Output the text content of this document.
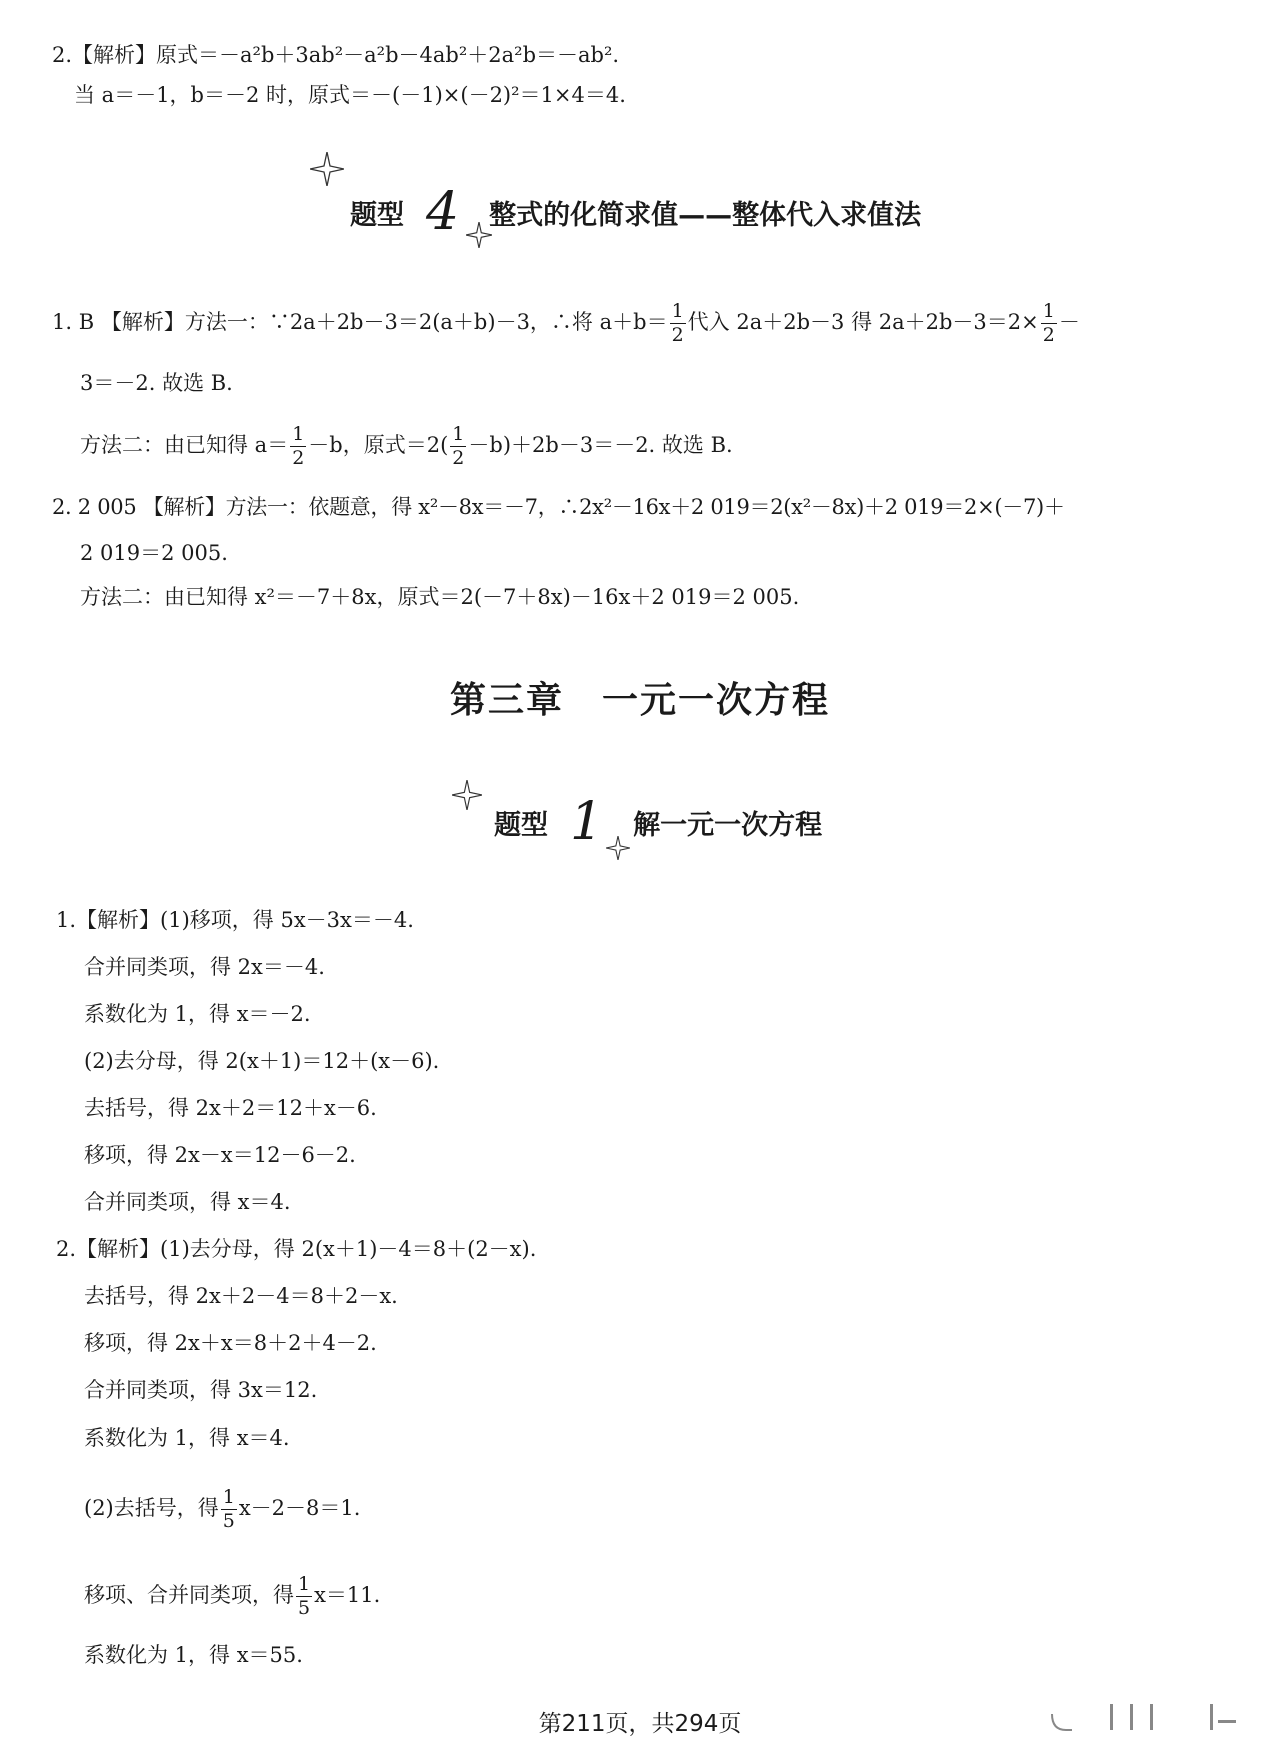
2.【解析】原式＝－a²b＋3ab²－a²b－4ab²＋2a²b＝－ab².
当 a＝－1，b＝－2 时，原式＝－(－1)×(－2)²＝1×4＝4.
题型 4 整式的化简求值——整体代入求值法
1. B 【解析】方法一：∵2a＋2b－3＝2(a＋b)－3，∴将 $a+b= \frac{1}{2}$ 代入 2a＋2b－3 得 $2a+2b-3=2\times \frac{1}{2}$ －
3＝－2. 故选 B.
方法二：由已知得 $a= \frac{1}{2} -b$，原式$=2( \frac{1}{2} -b)+2b-3=-2$. 故选 B.
2. 2 005 【解析】方法一：依题意，得 x²－8x＝－7，∴2x²－16x＋2 019＝2(x²－8x)＋2 019＝2×(－7)＋
2 019＝2 005.
方法二：由已知得 x²＝－7＋8x，原式＝2(－7＋8x)－16x＋2 019＝2 005.
第三章　一元一次方程
题型 1 解一元一次方程
1.【解析】(1)移项，得 5x－3x＝－4.
合并同类项，得 2x＝－4.
系数化为 1，得 x＝－2.
(2)去分母，得 2(x＋1)＝12＋(x－6).
去括号，得 2x＋2＝12＋x－6.
移项，得 2x－x＝12－6－2.
合并同类项，得 x＝4.
2.【解析】(1)去分母，得 2(x＋1)－4＝8＋(2－x).
去括号，得 2x＋2－4＝8＋2－x.
移项，得 2x＋x＝8＋2＋4－2.
合并同类项，得 3x＝12.
系数化为 1，得 x＝4.
(2)去括号，得 $\frac{1}{5} x-2-8=1$.
移项、合并同类项，得 $\frac{1}{5} x=11$.
系数化为 1，得 x＝55.
第211页，共294页
